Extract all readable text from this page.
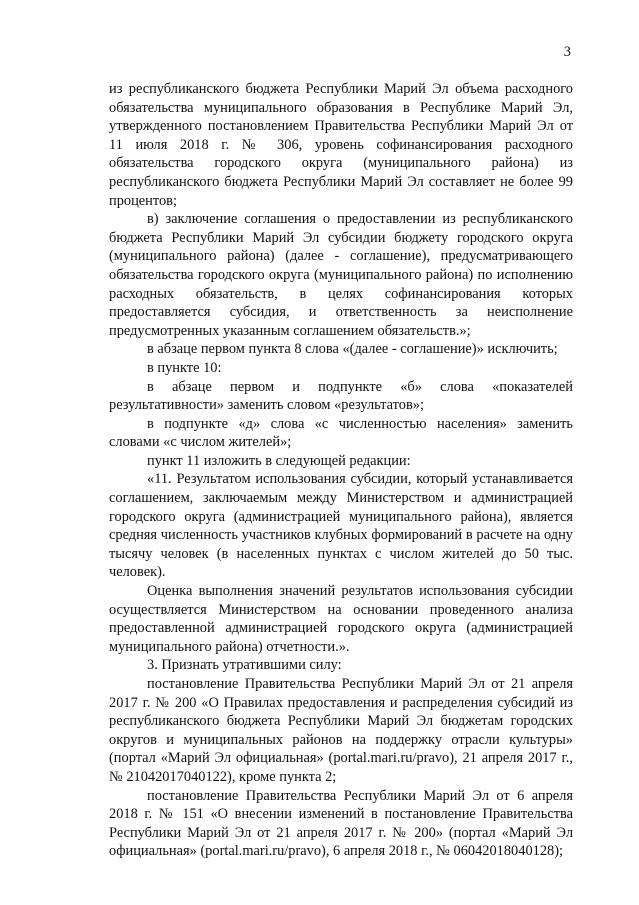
3

из республиканского бюджета Республики Марий Эл объема расходного обязательства муниципального образования в Республике Марий Эл, утвержденного постановлением Правительства Республики Марий Эл от 11 июля 2018 г. № 306, уровень софинансирования расходного обязательства городского округа (муниципального района) из республиканского бюджета Республики Марий Эл составляет не более 99 процентов;

в) заключение соглашения о предоставлении из республиканского бюджета Республики Марий Эл субсидии бюджету городского округа (муниципального района) (далее - соглашение), предусматривающего обязательства городского округа (муниципального района) по исполнению расходных обязательств, в целях софинансирования которых предоставляется субсидия, и ответственность за неисполнение предусмотренных указанным соглашением обязательств.»;

в абзаце первом пункта 8 слова «(далее - соглашение)» исключить;

в пункте 10:

в абзаце первом и подпункте «б» слова «показателей результативности» заменить словом «результатов»;

в подпункте «д» слова «с численностью населения» заменить словами «с числом жителей»;

пункт 11 изложить в следующей редакции:

«11. Результатом использования субсидии, который устанавливается соглашением, заключаемым между Министерством и администрацией городского округа (администрацией муниципального района), является средняя численность участников клубных формирований в расчете на одну тысячу человек (в населенных пунктах с числом жителей до 50 тыс. человек).

Оценка выполнения значений результатов использования субсидии осуществляется Министерством на основании проведенного анализа предоставленной администрацией городского округа (администрацией муниципального района) отчетности.».

3. Признать утратившими силу:

постановление Правительства Республики Марий Эл от 21 апреля 2017 г. № 200 «О Правилах предоставления и распределения субсидий из республиканского бюджета Республики Марий Эл бюджетам городских округов и муниципальных районов на поддержку отрасли культуры» (портал «Марий Эл официальная» (portal.mari.ru/pravo), 21 апреля 2017 г., № 21042017040122), кроме пункта 2;

постановление Правительства Республики Марий Эл от 6 апреля 2018 г. № 151 «О внесении изменений в постановление Правительства Республики Марий Эл от 21 апреля 2017 г. № 200» (портал «Марий Эл официальная» (portal.mari.ru/pravo), 6 апреля 2018 г., № 06042018040128);
